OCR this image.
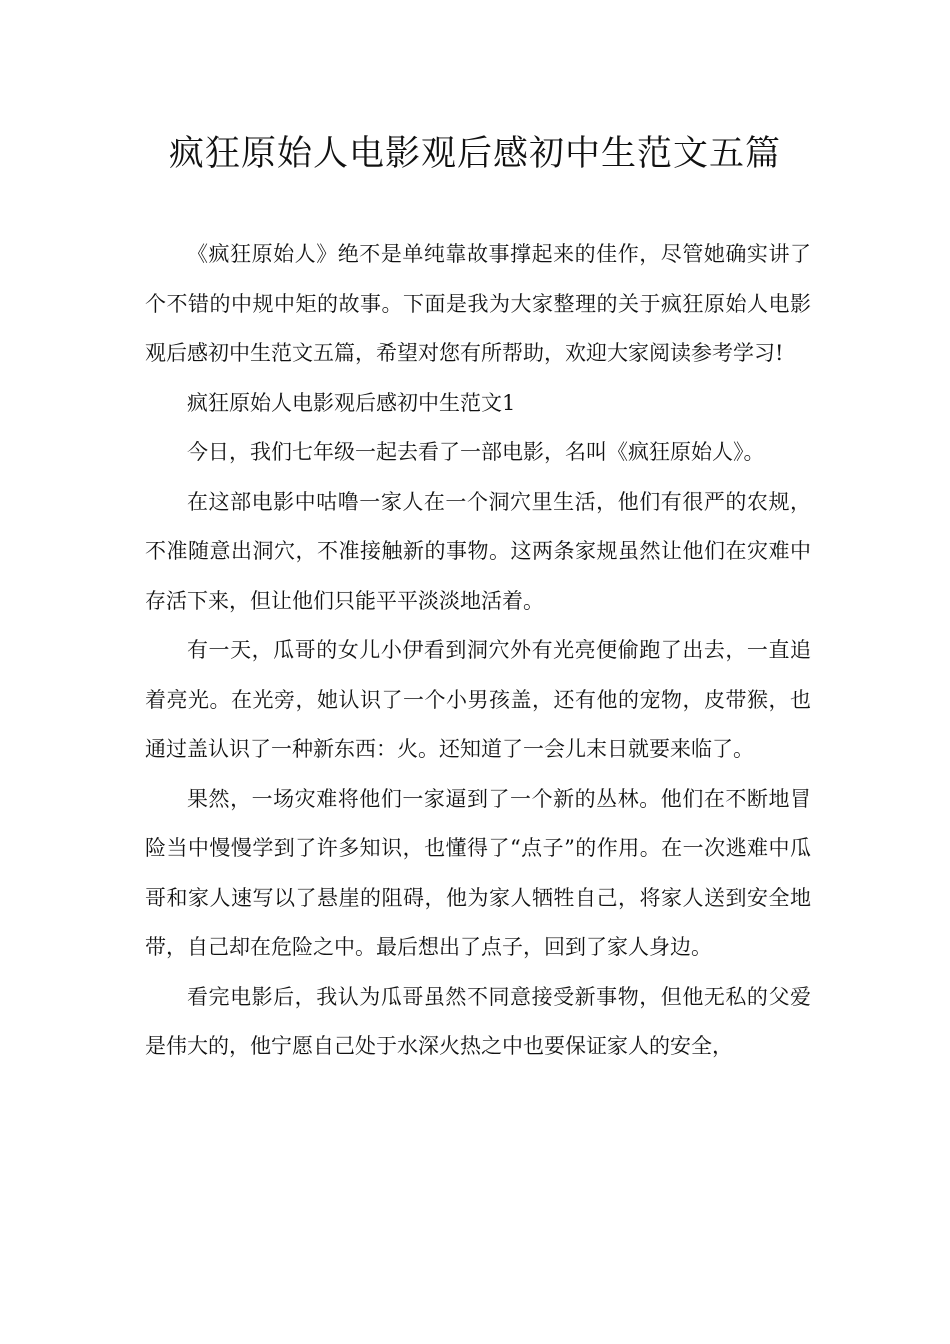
疯狂原始人电影观后感初中生范文五篇

《疯狂原始人》绝不是单纯靠故事撑起来的佳作，尽管她确实讲了个不错的中规中矩的故事。下面是我为大家整理的关于疯狂原始人电影观后感初中生范文五篇，希望对您有所帮助，欢迎大家阅读参考学习!

疯狂原始人电影观后感初中生范文1

今日，我们七年级一起去看了一部电影，名叫《疯狂原始人》。

在这部电影中咕噜一家人在一个洞穴里生活，他们有很严的农规，不准随意出洞穴，不准接触新的事物。这两条家规虽然让他们在灾难中存活下来，但让他们只能平平淡淡地活着。

有一天，瓜哥的女儿小伊看到洞穴外有光亮便偷跑了出去，一直追着亮光。在光旁，她认识了一个小男孩盖，还有他的宠物，皮带猴，也通过盖认识了一种新东西：火。还知道了一会儿末日就要来临了。

果然，一场灾难将他们一家逼到了一个新的丛林。他们在不断地冒险当中慢慢学到了许多知识，也懂得了“点子”的作用。在一次逃难中瓜哥和家人速写以了悬崖的阻碍，他为家人牺牲自己，将家人送到安全地带，自己却在危险之中。最后想出了点子，回到了家人身边。

看完电影后，我认为瓜哥虽然不同意接受新事物，但他无私的父爱是伟大的，他宁愿自己处于水深火热之中也要保证家人的安全，
